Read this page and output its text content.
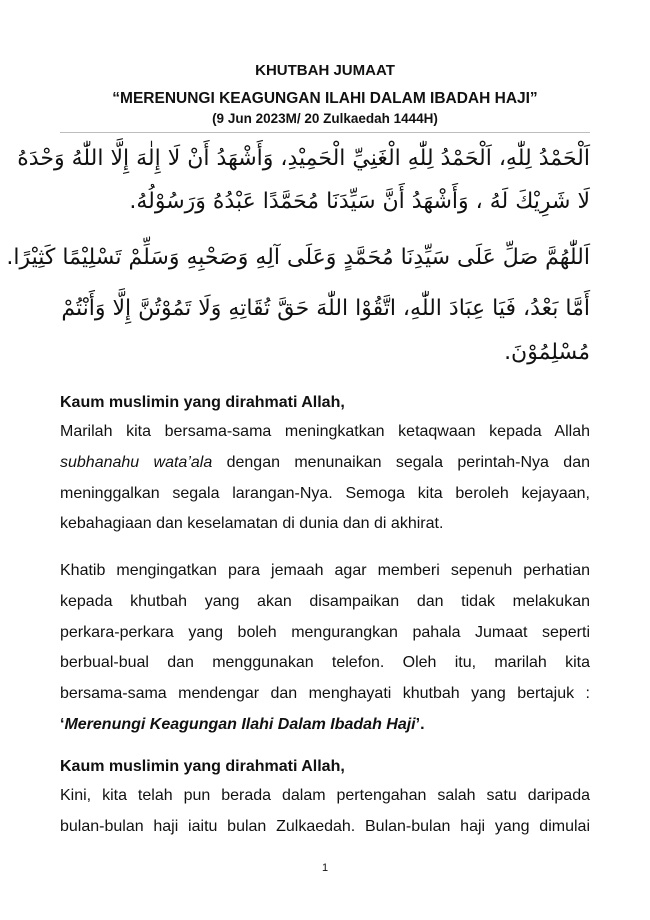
KHUTBAH JUMAAT
“MERENUNGI KEAGUNGAN ILAHI DALAM IBADAH HAJI”
(9 Jun 2023M/ 20 Zulkaedah 1444H)
اَلْحَمْدُ لِلّٰهِ، اَلْحَمْدُ لِلّٰهِ الْغَنِيِّ الْحَمِيْدِ، وَأَشْهَدُ أَنْ لَا إِلٰهَ إِلَّا اللّٰهُ وَحْدَهُ
لَا شَرِيْكَ لَهُ ، وَأَشْهَدُ أَنَّ سَيِّدَنَا مُحَمَّدًا عَبْدُهُ وَرَسُوْلُهُ.
اَللّٰهُمَّ صَلِّ عَلَى سَيِّدِنَا مُحَمَّدٍ وَعَلَى آلِهِ وَصَحْبِهِ وَسَلِّمْ تَسْلِيْمًا كَثِيْرًا.
أَمَّا بَعْدُ، فَيَا عِبَادَ اللّٰهِ، اتَّقُوْا اللّٰهَ حَقَّ تُقَاتِهِ وَلَا تَمُوْتُنَّ إِلَّا وَأَنْتُمْ
مُسْلِمُوْنَ.
Kaum muslimin yang dirahmati Allah,
Marilah kita bersama-sama meningkatkan ketaqwaan kepada Allah
subhanahu wata’ala dengan menunaikan segala perintah-Nya dan
meninggalkan segala larangan-Nya. Semoga kita beroleh kejayaan,
kebahagiaan dan keselamatan di dunia dan di akhirat.
Khatib mengingatkan para jemaah agar memberi sepenuh perhatian
kepada khutbah yang akan disampaikan dan tidak melakukan
perkara-perkara yang boleh mengurangkan pahala Jumaat seperti
berbual-bual dan menggunakan telefon. Oleh itu, marilah kita
bersama-sama mendengar dan menghayati khutbah yang bertajuk :
‘Merenungi Keagungan Ilahi Dalam Ibadah Haji’.
Kaum muslimin yang dirahmati Allah,
Kini, kita telah pun berada dalam pertengahan salah satu daripada
bulan-bulan haji iaitu bulan Zulkaedah. Bulan-bulan haji yang dimulai
1
